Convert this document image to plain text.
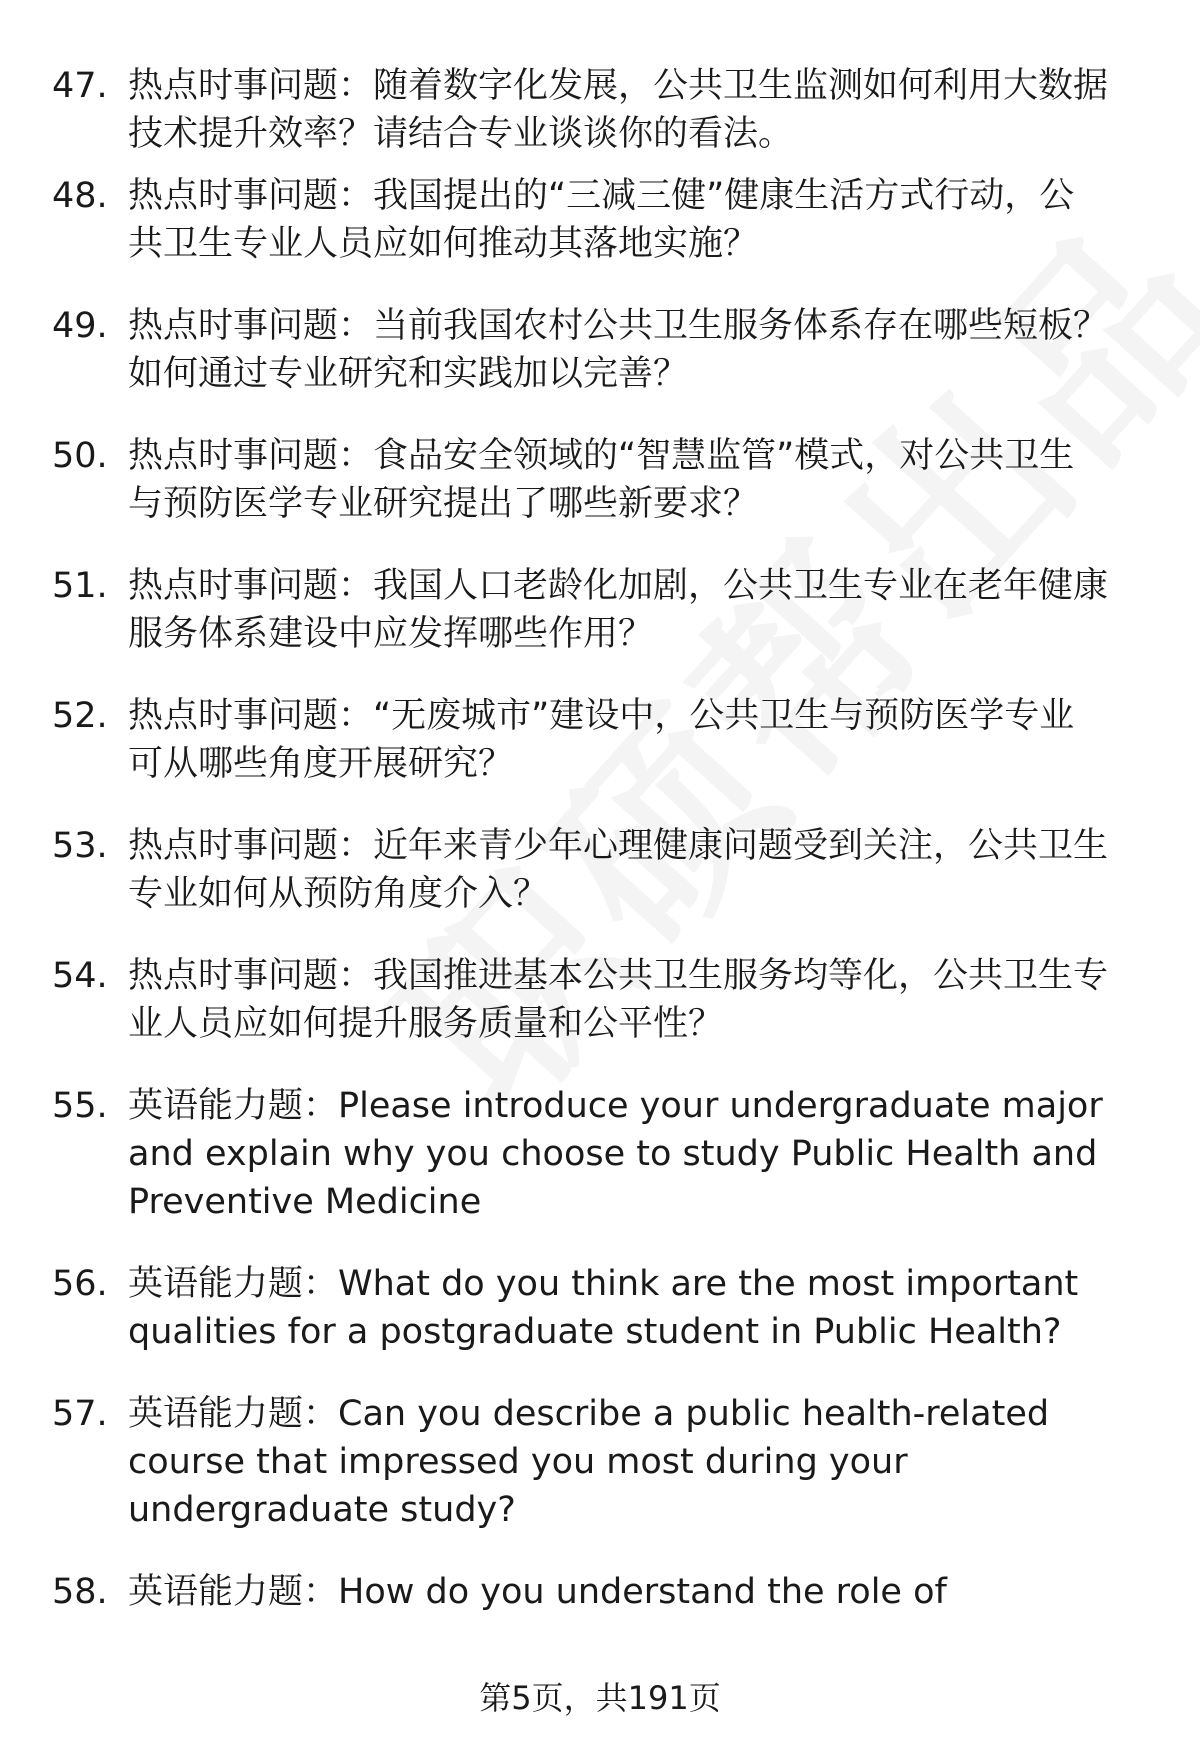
47. 热点时事问题：随着数字化发展，公共卫生监测如何利用大数据
技术提升效率？请结合专业谈谈你的看法。
48. 热点时事问题：我国提出的“三减三健”健康生活方式行动，公
共卫生专业人员应如何推动其落地实施？
49. 热点时事问题：当前我国农村公共卫生服务体系存在哪些短板？
如何通过专业研究和实践加以完善？
50. 热点时事问题：食品安全领域的“智慧监管”模式，对公共卫生
与预防医学专业研究提出了哪些新要求？
51. 热点时事问题：我国人口老龄化加剧，公共卫生专业在老年健康
服务体系建设中应发挥哪些作用？
52. 热点时事问题：“无废城市”建设中，公共卫生与预防医学专业
可从哪些角度开展研究？
53. 热点时事问题：近年来青少年心理健康问题受到关注，公共卫生
专业如何从预防角度介入？
54. 热点时事问题：我国推进基本公共卫生服务均等化，公共卫生专
业人员应如何提升服务质量和公平性？
55. 英语能力题：Please introduce your undergraduate major
and explain why you choose to study Public Health and
Preventive Medicine
56. 英语能力题：What do you think are the most important
qualities for a postgraduate student in Public Health?
57. 英语能力题：Can you describe a public health-related
course that impressed you most during your
undergraduate study?
58. 英语能力题：How do you understand the role of
第5页，共191页
